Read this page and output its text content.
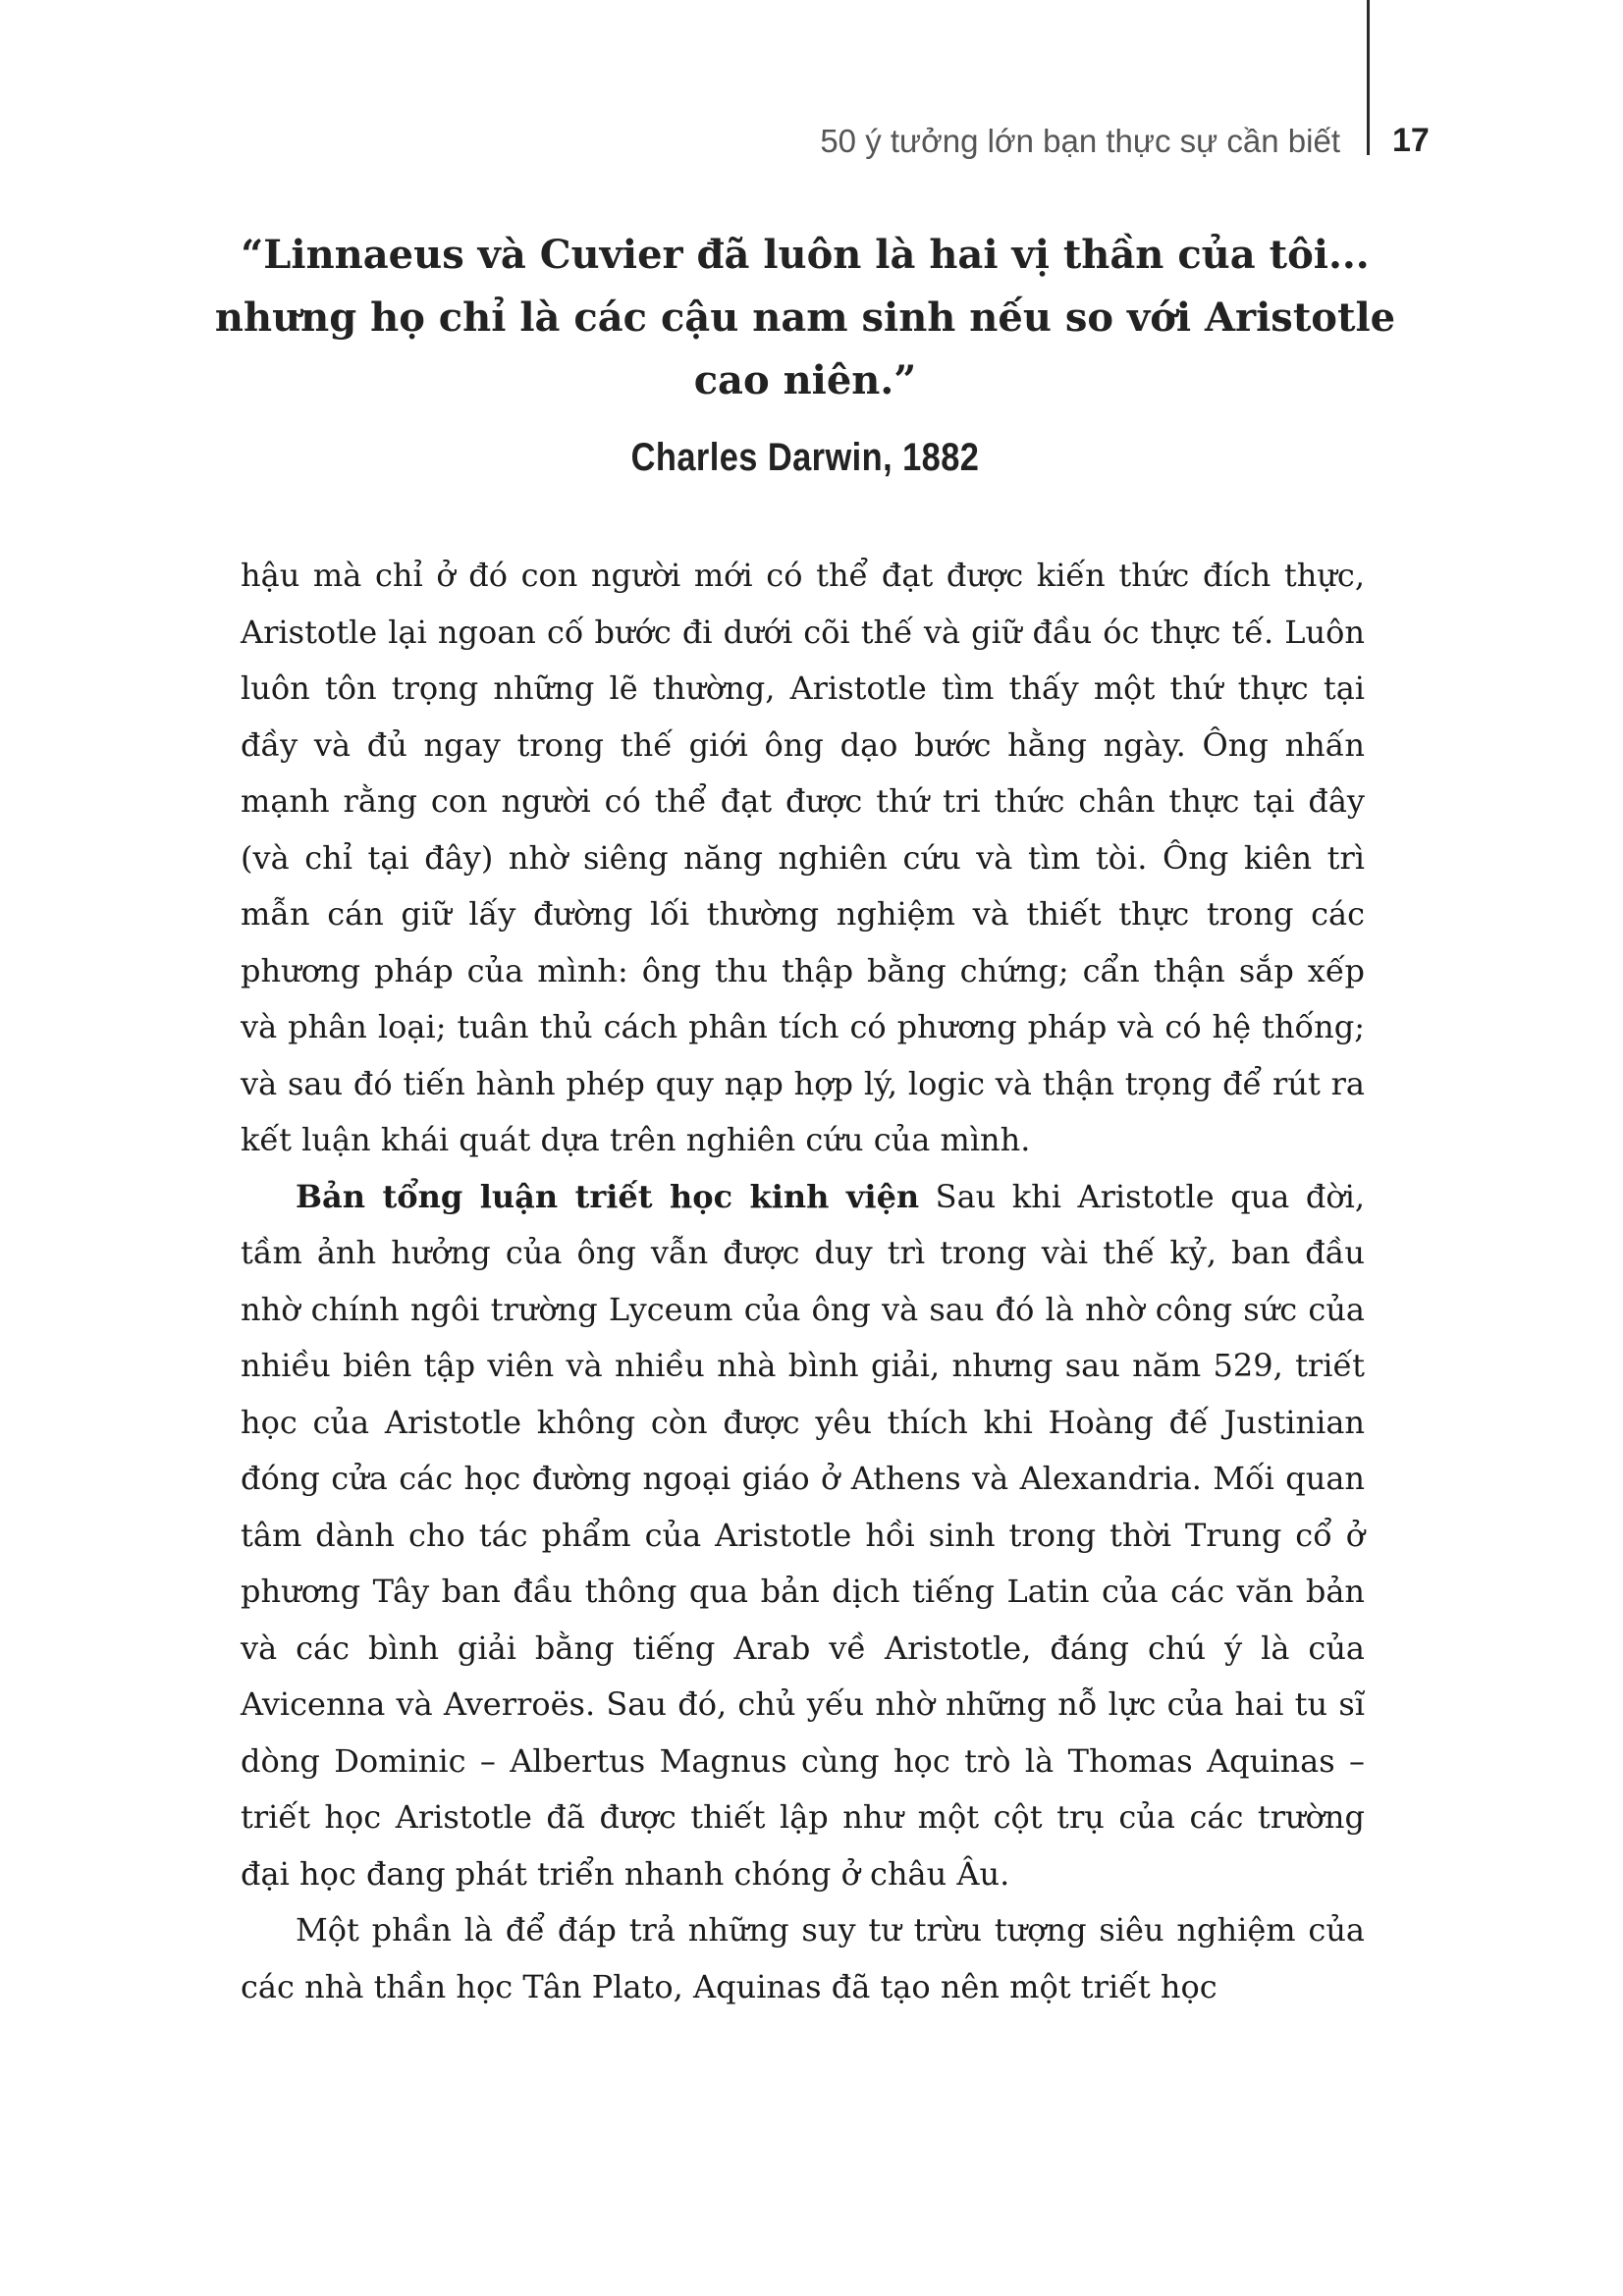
50 ý tưởng lớn bạn thực sự cần biết 17

“Linnaeus và Cuvier đã luôn là hai vị thần của tôi... nhưng họ chỉ là các cậu nam sinh nếu so với Aristotle cao niên.”

Charles Darwin, 1882

hậu mà chỉ ở đó con người mới có thể đạt được kiến thức đích thực, Aristotle lại ngoan cố bước đi dưới cõi thế và giữ đầu óc thực tế. Luôn luôn tôn trọng những lẽ thường, Aristotle tìm thấy một thứ thực tại đầy và đủ ngay trong thế giới ông dạo bước hằng ngày. Ông nhấn mạnh rằng con người có thể đạt được thứ tri thức chân thực tại đây (và chỉ tại đây) nhờ siêng năng nghiên cứu và tìm tòi. Ông kiên trì mẫn cán giữ lấy đường lối thường nghiệm và thiết thực trong các phương pháp của mình: ông thu thập bằng chứng; cẩn thận sắp xếp và phân loại; tuân thủ cách phân tích có phương pháp và có hệ thống; và sau đó tiến hành phép quy nạp hợp lý, logic và thận trọng để rút ra kết luận khái quát dựa trên nghiên cứu của mình.

Bản tổng luận triết học kinh viện Sau khi Aristotle qua đời, tầm ảnh hưởng của ông vẫn được duy trì trong vài thế kỷ, ban đầu nhờ chính ngôi trường Lyceum của ông và sau đó là nhờ công sức của nhiều biên tập viên và nhiều nhà bình giải, nhưng sau năm 529, triết học của Aristotle không còn được yêu thích khi Hoàng đế Justinian đóng cửa các học đường ngoại giáo ở Athens và Alexandria. Mối quan tâm dành cho tác phẩm của Aristotle hồi sinh trong thời Trung cổ ở phương Tây ban đầu thông qua bản dịch tiếng Latin của các văn bản và các bình giải bằng tiếng Arab về Aristotle, đáng chú ý là của Avicenna và Averroës. Sau đó, chủ yếu nhờ những nỗ lực của hai tu sĩ dòng Dominic – Albertus Magnus cùng học trò là Thomas Aquinas – triết học Aristotle đã được thiết lập như một cột trụ của các trường đại học đang phát triển nhanh chóng ở châu Âu.

Một phần là để đáp trả những suy tư trừu tượng siêu nghiệm của các nhà thần học Tân Plato, Aquinas đã tạo nên một triết học
